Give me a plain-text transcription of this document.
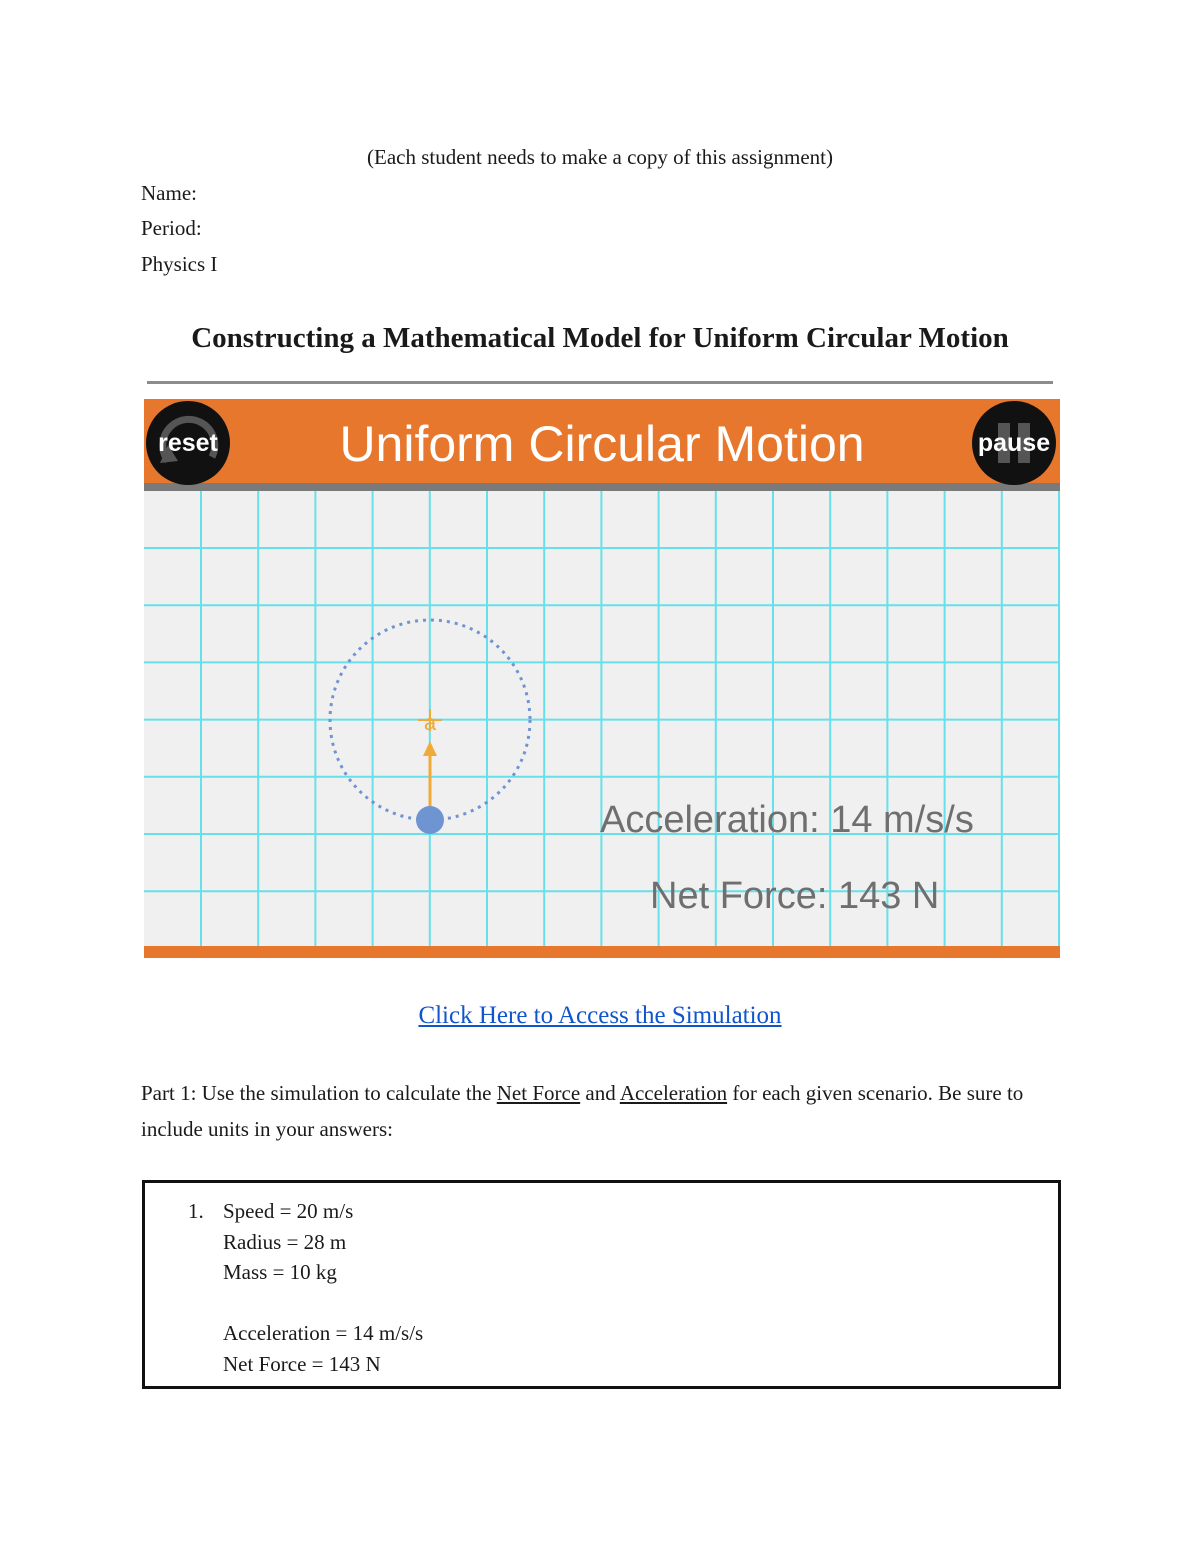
(Each student needs to make a copy of this assignment)
Name:
Period:
Physics I
Constructing a Mathematical Model for Uniform Circular Motion
Uniform Circular Motion
reset	pause
a
Acceleration: 14 m/s/s
Net Force: 143 N
Click Here to Access the Simulation
Part 1: Use the simulation to calculate the Net Force and Acceleration for each given scenario. Be sure to include units in your answers:
1. Speed = 20 m/s
Radius = 28 m
Mass = 10 kg
Acceleration = 14 m/s/s
Net Force = 143 N
